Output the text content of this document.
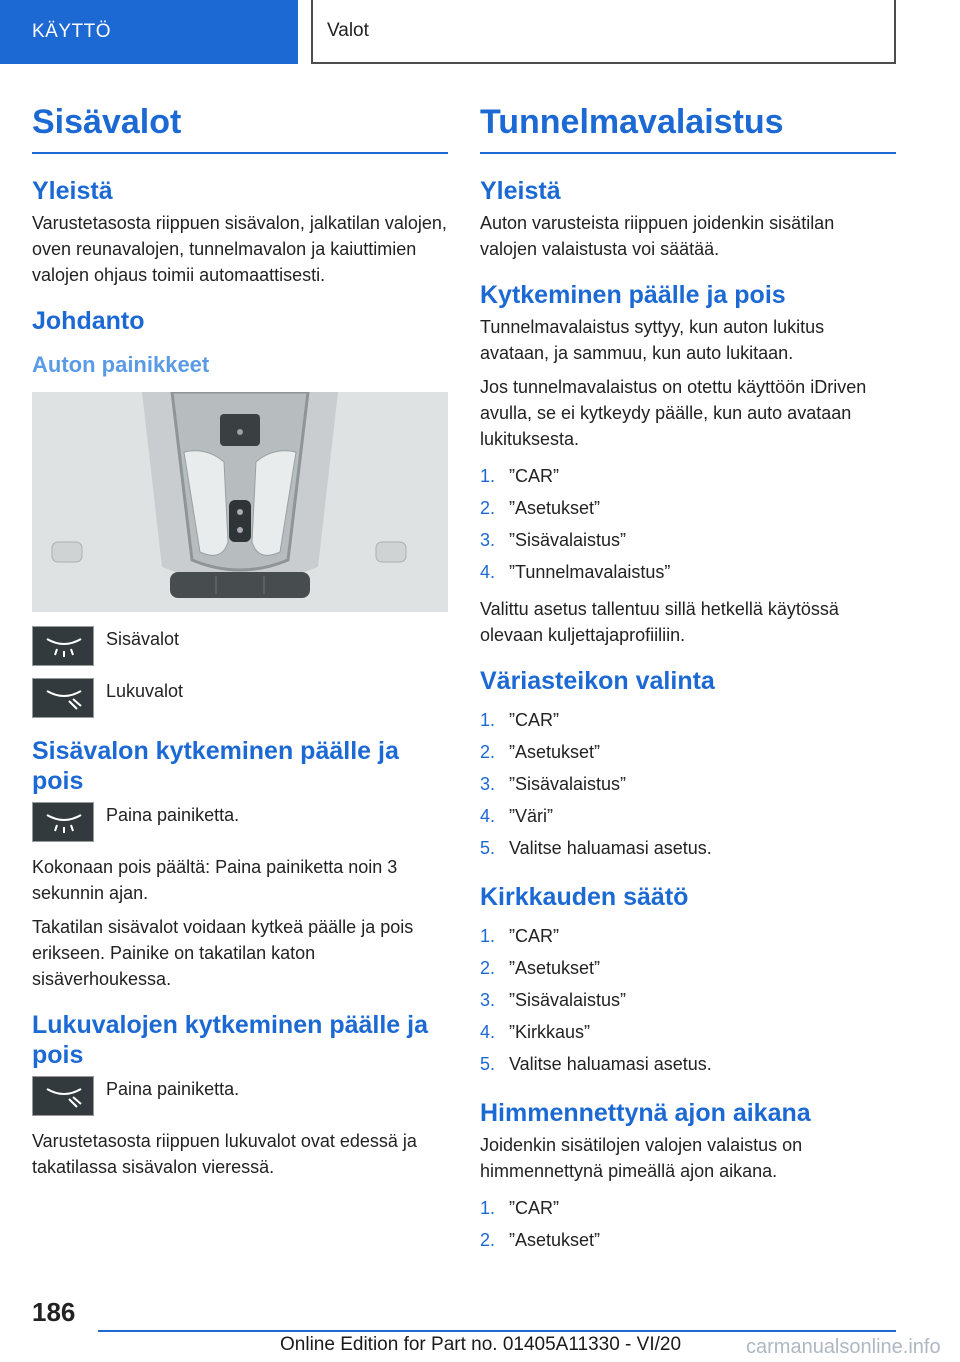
KÄYTTÖ	Valot
Sisävalot
Yleistä

Varustetasosta riippuen sisävalon, jalkatilan valojen, oven reunavalojen, tunnelmavalon ja kaiuttimien valojen ohjaus toimii automaattisesti.

Johdanto
Auton painikkeet
Sisävalot
Lukuvalot
Sisävalon kytkeminen päälle ja pois
Paina painiketta.

Kokonaan pois päältä: Paina painiketta noin 3 sekunnin ajan.

Takatilan sisävalot voidaan kytkeä päälle ja pois erikseen. Painike on takatilan katon sisäverhoukessa.

Lukuvalojen kytkeminen päälle ja pois
Paina painiketta.

Varustetasosta riippuen lukuvalot ovat edessä ja takatilassa sisävalon vieressä.

Tunnelmavalaistus
Yleistä

Auton varusteista riippuen joidenkin sisätilan valojen valaistusta voi säätää.

Kytkeminen päälle ja pois

Tunnelmavalaistus syttyy, kun auton lukitus avataan, ja sammuu, kun auto lukitaan.

Jos tunnelmavalaistus on otettu käyttöön iDriven avulla, se ei kytkeydy päälle, kun auto avataan lukituksesta.

1. ”CAR”
2. ”Asetukset”
3. ”Sisävalaistus”
4. ”Tunnelmavalaistus”

Valittu asetus tallentuu sillä hetkellä käytössä olevaan kuljettajaprofiiliin.

Väriasteikon valinta
1. ”CAR”
2. ”Asetukset”
3. ”Sisävalaistus”
4. ”Väri”
5. Valitse haluamasi asetus.
Kirkkauden säätö
1. ”CAR”
2. ”Asetukset”
3. ”Sisävalaistus”
4. ”Kirkkaus”
5. Valitse haluamasi asetus.
Himmennettynä ajon aikana

Joidenkin sisätilojen valojen valaistus on himmennettynä pimeällä ajon aikana.

1. ”CAR”
2. ”Asetukset”
186
Online Edition for Part no. 01405A11330 - VI/20	carmanualsonline.info
